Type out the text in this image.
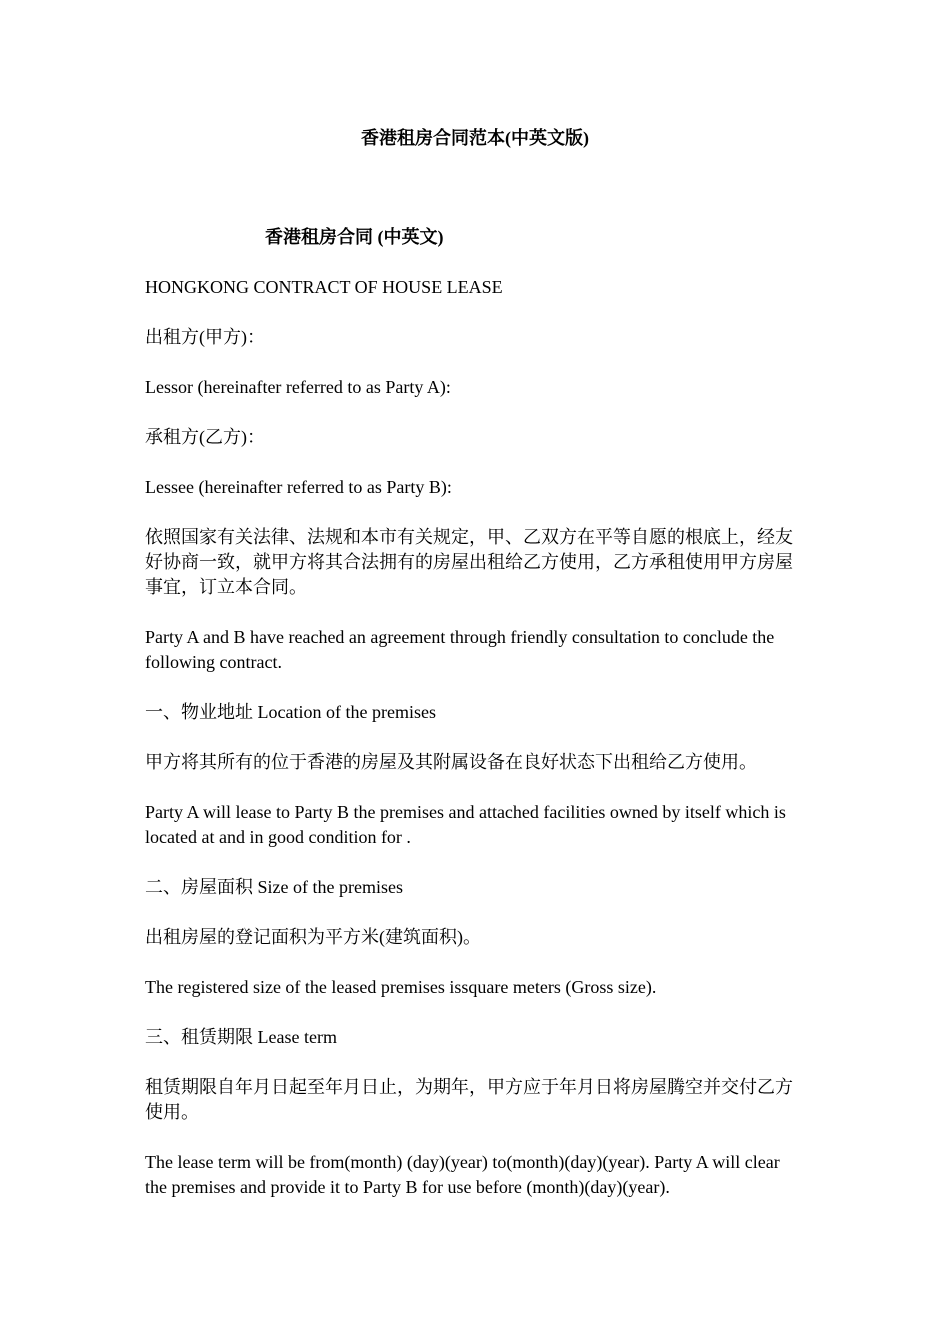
香港租房合同范本(中英文版)
香港租房合同 (中英文)

HONGKONG CONTRACT OF HOUSE LEASE

出租方(甲方)：

Lessor (hereinafter referred to as Party A):

承租方(乙方)：

Lessee (hereinafter referred to as Party B):

依照国家有关法律、法规和本市有关规定，甲、乙双方在平等自愿的根底上，经友好协商一致，就甲方将其合法拥有的房屋出租给乙方使用，乙方承租使用甲方房屋事宜，订立本合同。

Party A and B have reached an agreement through friendly consultation to conclude the following contract.

一、物业地址 Location of the premises

甲方将其所有的位于香港的房屋及其附属设备在良好状态下出租给乙方使用。

Party A will lease to Party B the premises and attached facilities owned by itself which is located at and in good condition for .

二、房屋面积 Size of the premises

出租房屋的登记面积为平方米(建筑面积)。

The registered size of the leased premises issquare meters (Gross size).

三、租赁期限 Lease term

租赁期限自年月日起至年月日止，为期年，甲方应于年月日将房屋腾空并交付乙方使用。

The lease term will be from(month) (day)(year) to(month)(day)(year). Party A will clear the premises and provide it to Party B for use before (month)(day)(year).
